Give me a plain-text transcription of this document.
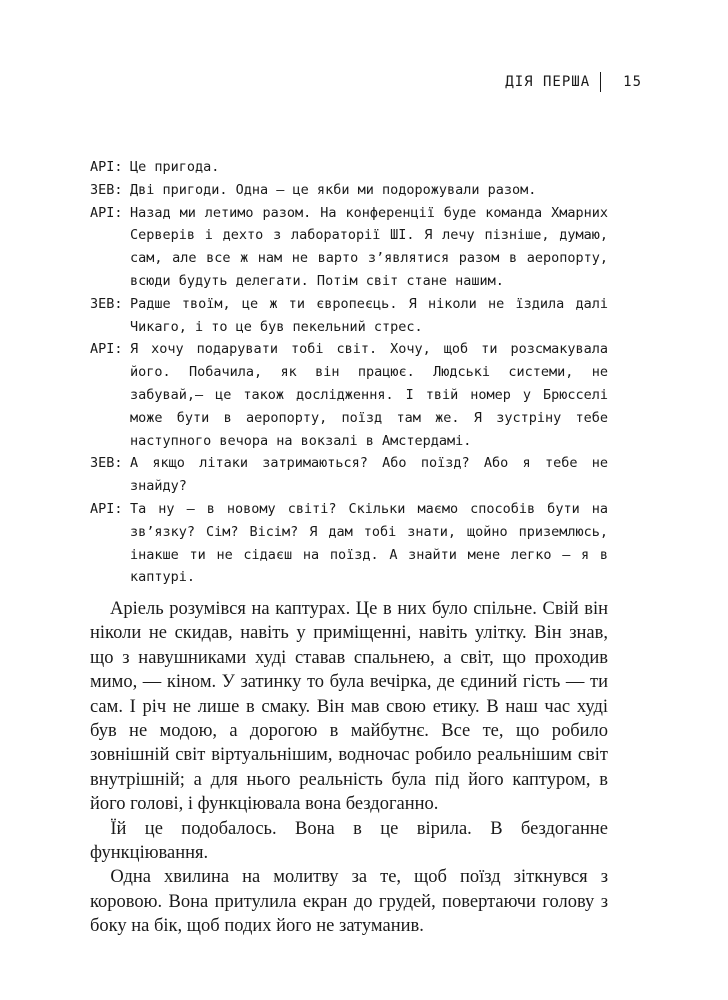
ДІЯ ПЕРША	15

АРІ: Це пригода.

ЗЕВ: Дві пригоди. Одна — це якби ми подорожували разом.

АРІ: Назад ми летимо разом. На конференції буде команда Хмарних Серверів і дехто з лабораторії ШІ. Я лечу пізніше, думаю, сам, але все ж нам не варто з’являтися разом в аеропорту, всюди будуть делегати. Потім світ стане нашим.

ЗЕВ: Радше твоїм, це ж ти європеєць. Я ніколи не їздила далі Чикаго, і то це був пекельний стрес.

АРІ: Я хочу подарувати тобі світ. Хочу, щоб ти розсмакувала його. Побачила, як він працює. Людські системи, не забувай,— це також дослідження. І твій номер у Брюсселі може бути в аеропорту, поїзд там же. Я зустріну тебе наступного вечора на вокзалі в Амстердамі.

ЗЕВ: А якщо літаки затримаються? Або поїзд? Або я тебе не знайду?

АРІ: Та ну — в новому світі? Скільки маємо способів бути на зв’язку? Сім? Вісім? Я дам тобі знати, щойно приземлюсь, інакше ти не сідаєш на поїзд. А знайти мене легко — я в каптурі.

Аріель розумівся на каптурах. Це в них було спільне. Свій він ніколи не скидав, навіть у приміщенні, навіть улітку. Він знав, що з навушниками худі ставав спальнею, а світ, що проходив мимо, — кіном. У затинку то була вечірка, де єдиний гість — ти сам. І річ не лише в смаку. Він мав свою етику. В наш час худі був не модою, а дорогою в майбутнє. Все те, що робило зовнішній світ віртуальнішим, водночас робило реальнішим світ внутрішній; а для нього реальність була під його каптуром, в його голові, і функціювала вона бездоганно.

Їй це подобалось. Вона в це вірила. В бездоганне функціювання.

Одна хвилина на молитву за те, щоб поїзд зіткнувся з коровою. Вона притулила екран до грудей, повертаючи голову з боку на бік, щоб подих його не затуманив.
